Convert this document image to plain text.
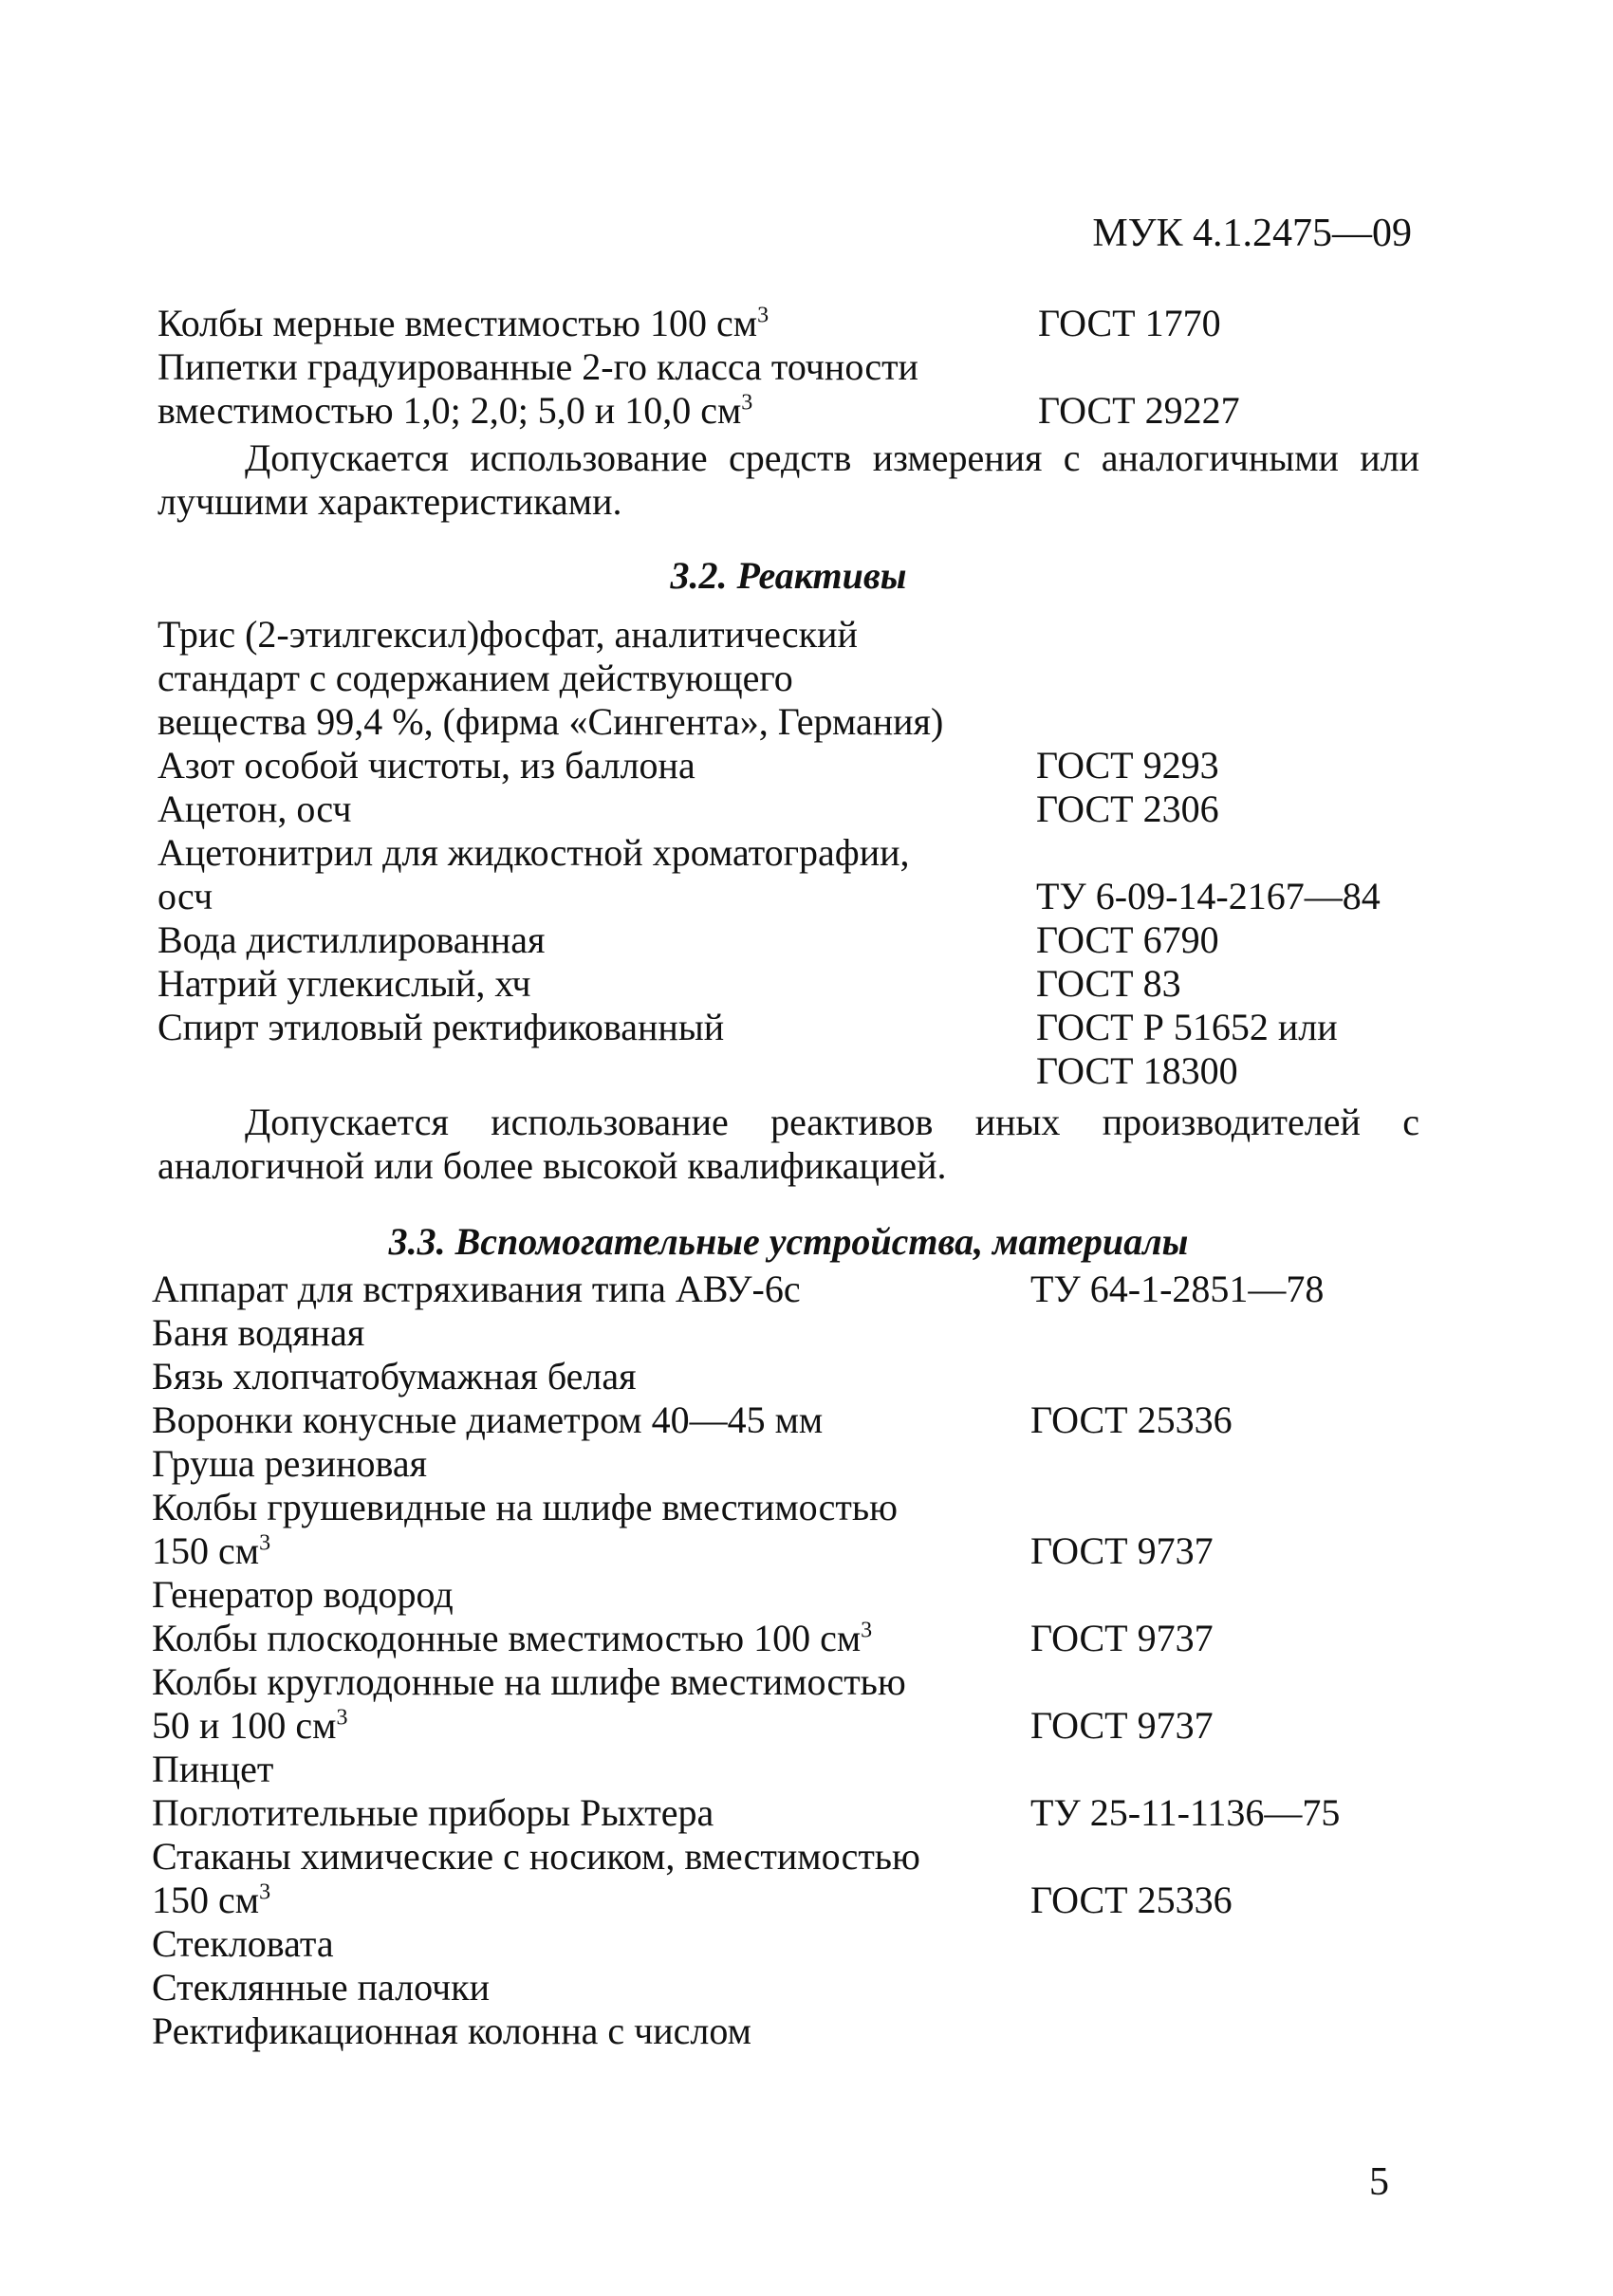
МУК 4.1.2475—09
Колбы мерные вместимостью 100 $см^3$	ГОСТ 1770
Пипетки градуированные 2-го класса точности
вместимостью 1,0; 2,0; 5,0 и 10,0 $см^3$	ГОСТ 29227
Допускается использование средств измерения с аналогичными или лучшими характеристиками.
3.2. Реактивы
Трис (2-этилгексил)фосфат, аналитический
стандарт с содержанием действующего
вещества 99,4 %, (фирма «Сингента», Германия)
Азот особой чистоты, из баллона	ГОСТ 9293
Ацетон, осч	ГОСТ 2306
Ацетонитрил для жидкостной хроматографии,
осч	ТУ 6-09-14-2167—84
Вода дистиллированная	ГОСТ 6790
Натрий углекислый, хч	ГОСТ 83
Спирт этиловый ректификованный	ГОСТ Р 51652 или
ГОСТ 18300
Допускается использование реактивов иных производителей с аналогичной или более высокой квалификацией.
3.3. Вспомогательные устройства, материалы
Аппарат для встряхивания типа АВУ-6с	ТУ 64-1-2851—78
Баня водяная
Бязь хлопчатобумажная белая
Воронки конусные диаметром 40—45 мм	ГОСТ 25336
Груша резиновая
Колбы грушевидные на шлифе вместимостью
150 $см^3$	ГОСТ 9737
Генератор водород
Колбы плоскодонные вместимостью 100 $см^3$	ГОСТ 9737
Колбы круглодонные на шлифе вместимостью
50 и 100 $см^3$	ГОСТ 9737
Пинцет
Поглотительные приборы Рыхтера	ТУ 25-11-1136—75
Стаканы химические с носиком, вместимостью
150 $см^3$	ГОСТ 25336
Стекловата
Стеклянные палочки
Ректификационная колонна с числом
5
